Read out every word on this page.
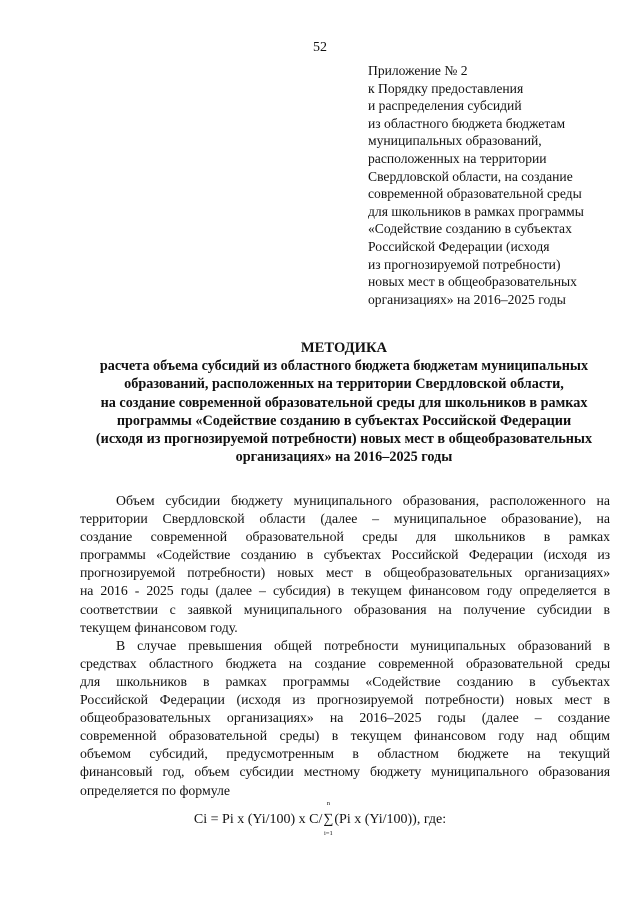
52
Приложение № 2
к Порядку предоставления
и распределения субсидий
из областного бюджета бюджетам
муниципальных образований,
расположенных на территории
Свердловской области, на создание
современной образовательной среды
для школьников в рамках программы
«Содействие созданию в субъектах
Российской Федерации (исходя
из прогнозируемой потребности)
новых мест в общеобразовательных
организациях» на 2016–2025 годы
МЕТОДИКА
расчета объема субсидий из областного бюджета бюджетам муниципальных
образований, расположенных на территории Свердловской области,
на создание современной образовательной среды для школьников в рамках
программы «Содействие созданию в субъектах Российской Федерации
(исходя из прогнозируемой потребности) новых мест в общеобразовательных
организациях» на 2016–2025 годы
Объем субсидии бюджету муниципального образования, расположенного на
территории Свердловской области (далее – муниципальное образование), на
создание современной образовательной среды для школьников в рамках
программы «Содействие созданию в субъектах Российской Федерации (исходя из
прогнозируемой потребности) новых мест в общеобразовательных организациях»
на 2016 - 2025 годы (далее – субсидия) в текущем финансовом году определяется в
соответствии с заявкой муниципального образования на получение субсидии в
текущем финансовом году.
В случае превышения общей потребности муниципальных образований в
средствах областного бюджета на создание современной образовательной среды
для школьников в рамках программы «Содействие созданию в субъектах
Российской Федерации (исходя из прогнозируемой потребности) новых мест в
общеобразовательных организациях» на 2016–2025 годы (далее – создание
современной образовательной среды) в текущем финансовом году над общим
объемом субсидий, предусмотренным в областном бюджете на текущий
финансовый год, объем субсидии местному бюджету муниципального образования
определяется по формуле
Ci = Pi x (Yi/100) x C/
n
∑
i=1
(Pi x (Yi/100)), где:
